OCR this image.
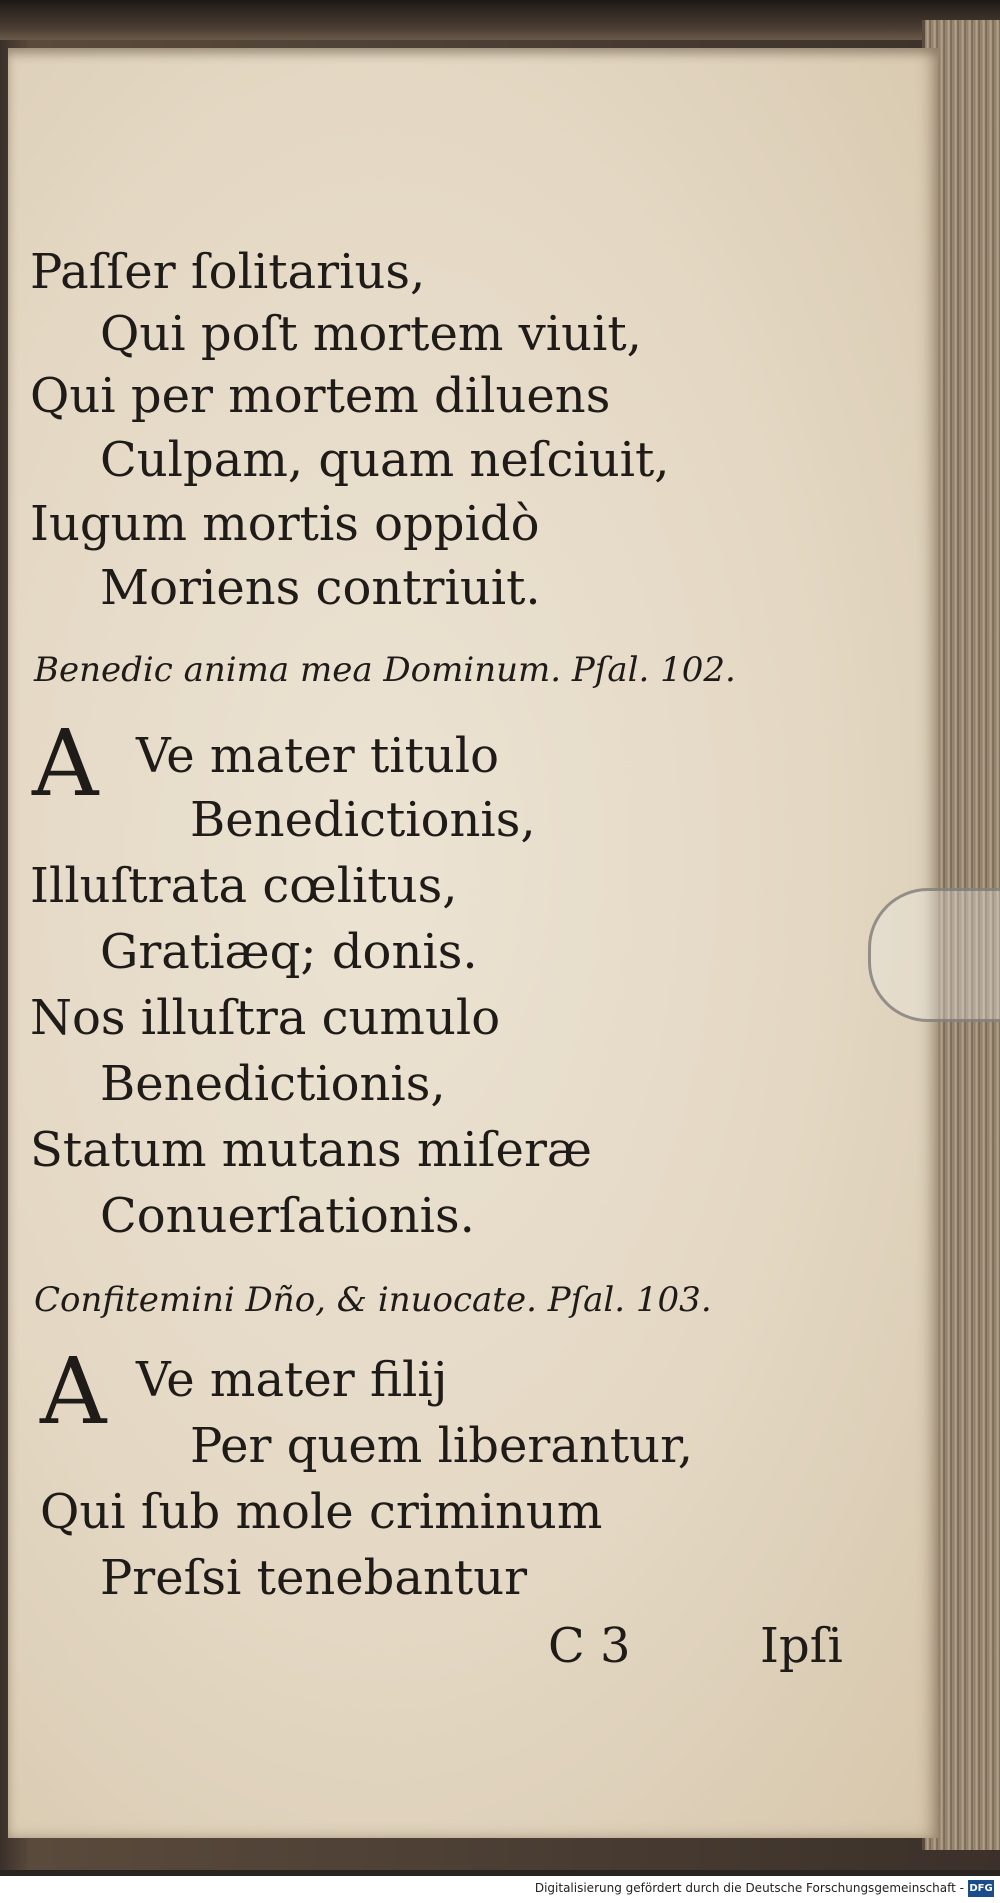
Paſſer ſolitarius,
Qui poſt mortem viuit,
Qui per mortem diluens
Culpam, quam neſciuit,
Iugum mortis oppidò
Moriens contriuit.
Benedic anima mea Dominum. Pſal. 102.
A Ve mater titulo
Benedictionis,
Illuſtrata cœlitus,
Gratiæq; donis.
Nos illuſtra cumulo
Benedictionis,
Statum mutans miſeræ
Conuerſationis.
Confitemini Dño, & inuocate. Pſal. 103.
A Ve mater filij
Per quem liberantur,
Qui ſub mole criminum
Preſsi tenebantur
C 3	Ipſi
Digitalisierung gefördert durch die Deutsche Forschungsgemeinschaft - DFG
